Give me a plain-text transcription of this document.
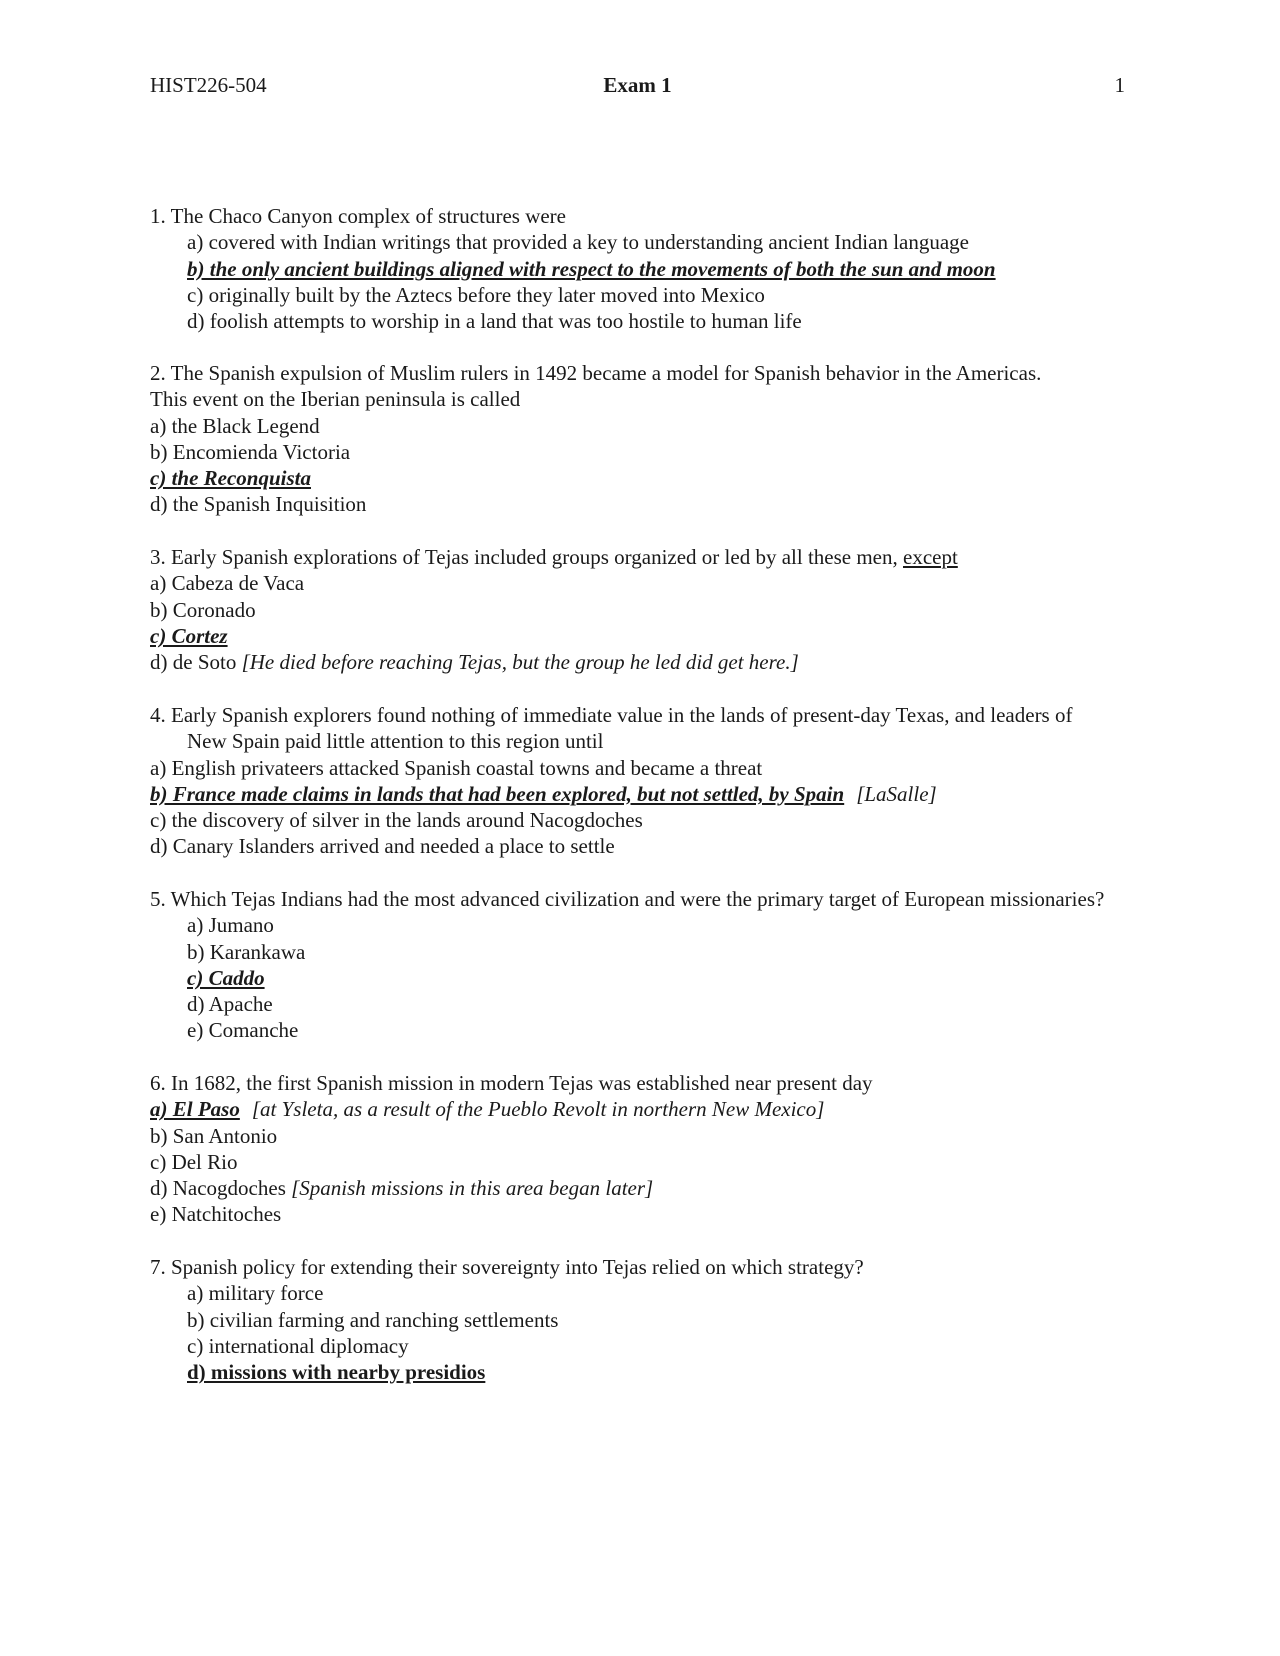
HIST226-504	Exam 1	1
1. The Chaco Canyon complex of structures were
a) covered with Indian writings that provided a key to understanding ancient Indian language
b) the only ancient buildings aligned with respect to the movements of both the sun and moon
c) originally built by the Aztecs before they later moved into Mexico
d) foolish attempts to worship in a land that was too hostile to human life
2. The Spanish expulsion of Muslim rulers in 1492 became a model for Spanish behavior in the Americas.
This event on the Iberian peninsula is called
a) the Black Legend
b) Encomienda Victoria
c) the Reconquista
d) the Spanish Inquisition
3. Early Spanish explorations of Tejas included groups organized or led by all these men, except
a) Cabeza de Vaca
b) Coronado
c) Cortez
d) de Soto [He died before reaching Tejas, but the group he led did get here.]
4. Early Spanish explorers found nothing of immediate value in the lands of present-day Texas, and leaders of
New Spain paid little attention to this region until
a) English privateers attacked Spanish coastal towns and became a threat
b) France made claims in lands that had been explored, but not settled, by Spain [LaSalle]
c) the discovery of silver in the lands around Nacogdoches
d) Canary Islanders arrived and needed a place to settle
5. Which Tejas Indians had the most advanced civilization and were the primary target of European missionaries?
a) Jumano
b) Karankawa
c) Caddo
d) Apache
e) Comanche
6. In 1682, the first Spanish mission in modern Tejas was established near present day
a) El Paso [at Ysleta, as a result of the Pueblo Revolt in northern New Mexico]
b) San Antonio
c) Del Rio
d) Nacogdoches [Spanish missions in this area began later]
e) Natchitoches
7. Spanish policy for extending their sovereignty into Tejas relied on which strategy?
a) military force
b) civilian farming and ranching settlements
c) international diplomacy
d) missions with nearby presidios
